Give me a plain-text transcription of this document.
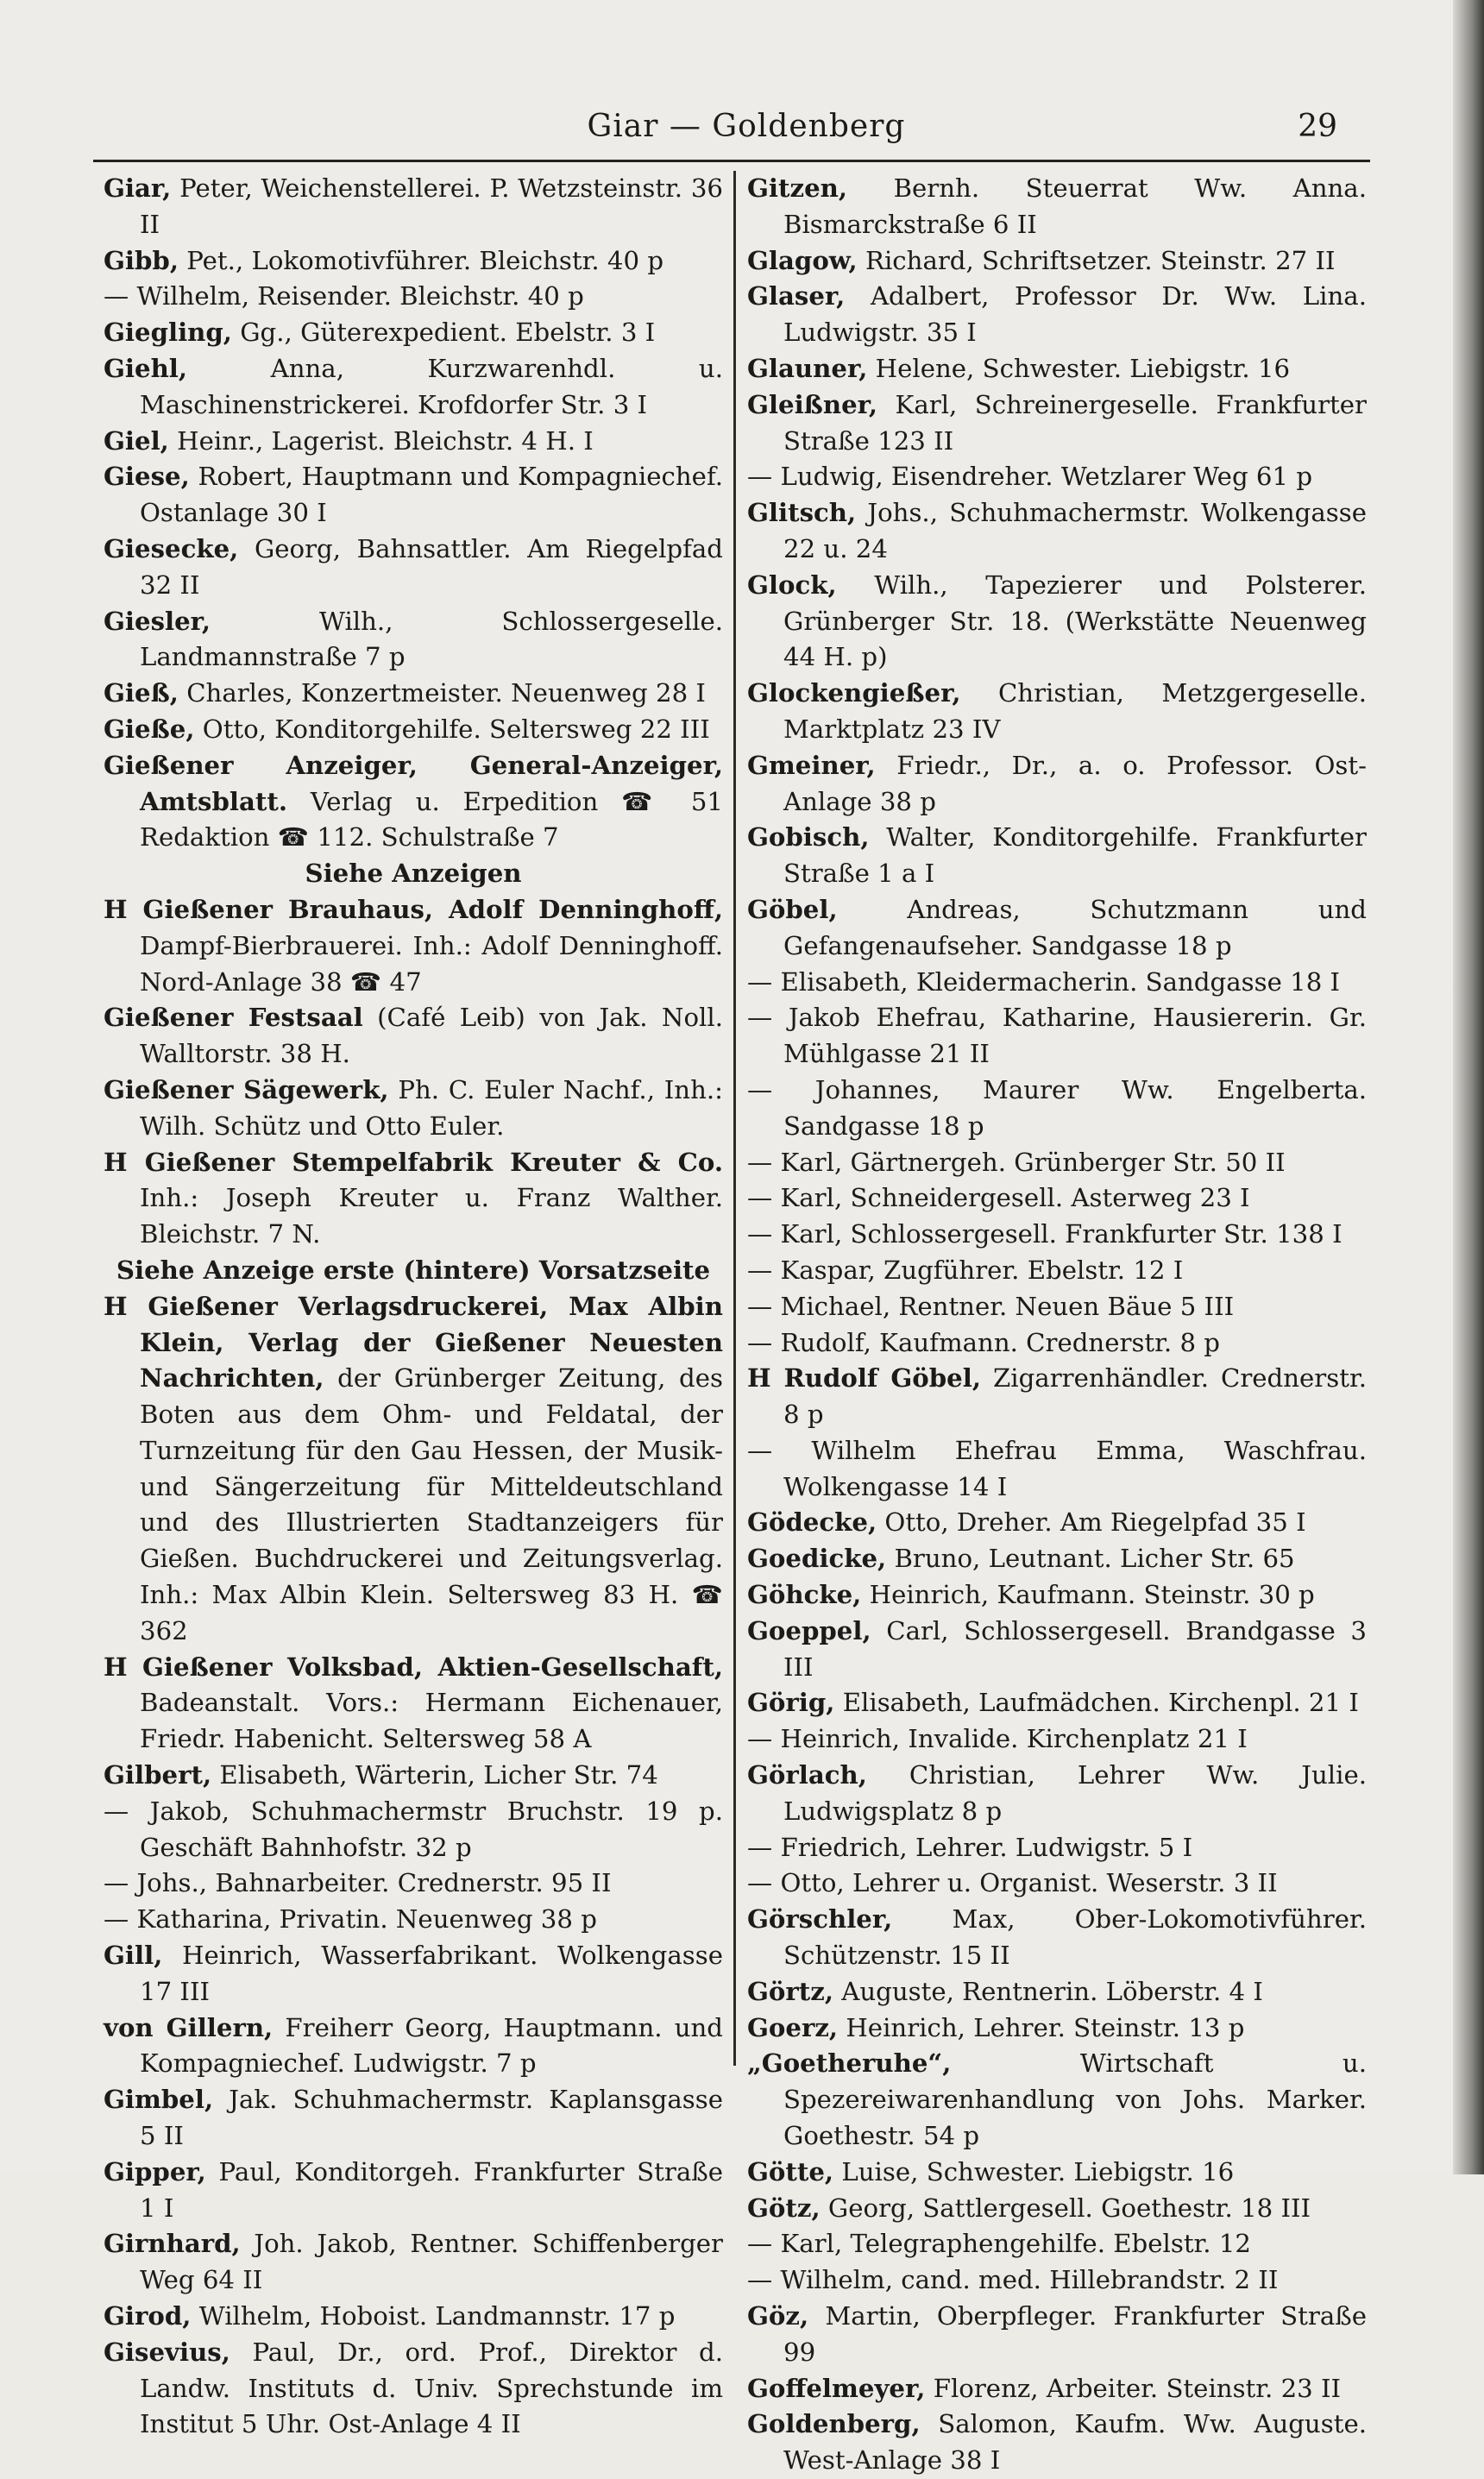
Giar — Goldenberg	29
Giar, Peter, Weichenstellerei. P. Wetzsteinstr. 36 II
Gibb, Pet., Lokomotivführer. Bleichstr. 40 p
— Wilhelm, Reisender. Bleichstr. 40 p
Giegling, Gg., Güterexpedient. Ebelstr. 3 I
Giehl, Anna, Kurzwarenhdl. u. Maschinenstrickerei. Krofdorfer Str. 3 I
Giel, Heinr., Lagerist. Bleichstr. 4 H. I
Giese, Robert, Hauptmann und Kompagniechef. Ostanlage 30 I
Giesecke, Georg, Bahnsattler. Am Riegelpfad 32 II
Giesler, Wilh., Schlossergeselle. Landmannstraße 7 p
Gieß, Charles, Konzertmeister. Neuenweg 28 I
Gieße, Otto, Konditorgehilfe. Seltersweg 22 III
Gießener Anzeiger, General-Anzeiger, Amtsblatt. Verlag u. Erpedition ☎ 51 Redaktion ☎ 112. Schulstraße 7
Siehe Anzeigen
H Gießener Brauhaus, Adolf Denninghoff, Dampf-Bierbrauerei. Inh.: Adolf Denninghoff. Nord-Anlage 38 ☎ 47
Gießener Festsaal (Café Leib) von Jak. Noll. Walltorstr. 38 H.
Gießener Sägewerk, Ph. C. Euler Nachf., Inh.: Wilh. Schütz und Otto Euler.
H Gießener Stempelfabrik Kreuter & Co. Inh.: Joseph Kreuter u. Franz Walther. Bleichstr. 7 N.
Siehe Anzeige erste (hintere) Vorsatzseite
H Gießener Verlagsdruckerei, Max Albin Klein, Verlag der Gießener Neuesten Nachrichten, der Grünberger Zeitung, des Boten aus dem Ohm- und Feldatal, der Turnzeitung für den Gau Hessen, der Musik- und Sängerzeitung für Mitteldeutschland und des Illustrierten Stadtanzeigers für Gießen. Buchdruckerei und Zeitungsverlag. Inh.: Max Albin Klein. Seltersweg 83 H. ☎ 362
H Gießener Volksbad, Aktien-Gesellschaft, Badeanstalt. Vors.: Hermann Eichenauer, Friedr. Habenicht. Seltersweg 58 A
Gilbert, Elisabeth, Wärterin, Licher Str. 74
— Jakob, Schuhmachermstr Bruchstr. 19 p. Geschäft Bahnhofstr. 32 p
— Johs., Bahnarbeiter. Crednerstr. 95 II
— Katharina, Privatin. Neuenweg 38 p
Gill, Heinrich, Wasserfabrikant. Wolkengasse 17 III
von Gillern, Freiherr Georg, Hauptmann. und Kompagniechef. Ludwigstr. 7 p
Gimbel, Jak. Schuhmachermstr. Kaplansgasse 5 II
Gipper, Paul, Konditorgeh. Frankfurter Straße 1 I
Girnhard, Joh. Jakob, Rentner. Schiffenberger Weg 64 II
Girod, Wilhelm, Hoboist. Landmannstr. 17 p
Gisevius, Paul, Dr., ord. Prof., Direktor d. Landw. Instituts d. Univ. Sprechstunde im Institut 5 Uhr. Ost-Anlage 4 II
Gitzen, Bernh. Steuerrat Ww. Anna. Bismarckstraße 6 II
Glagow, Richard, Schriftsetzer. Steinstr. 27 II
Glaser, Adalbert, Professor Dr. Ww. Lina. Ludwigstr. 35 I
Glauner, Helene, Schwester. Liebigstr. 16
Gleißner, Karl, Schreinergeselle. Frankfurter Straße 123 II
— Ludwig, Eisendreher. Wetzlarer Weg 61 p
Glitsch, Johs., Schuhmachermstr. Wolkengasse 22 u. 24
Glock, Wilh., Tapezierer und Polsterer. Grünberger Str. 18. (Werkstätte Neuenweg 44 H. p)
Glockengießer, Christian, Metzgergeselle. Marktplatz 23 IV
Gmeiner, Friedr., Dr., a. o. Professor. Ost-Anlage 38 p
Gobisch, Walter, Konditorgehilfe. Frankfurter Straße 1 a I
Göbel, Andreas, Schutzmann und Gefangenaufseher. Sandgasse 18 p
— Elisabeth, Kleidermacherin. Sandgasse 18 I
— Jakob Ehefrau, Katharine, Hausiererin. Gr. Mühlgasse 21 II
— Johannes, Maurer Ww. Engelberta. Sandgasse 18 p
— Karl, Gärtnergeh. Grünberger Str. 50 II
— Karl, Schneidergesell. Asterweg 23 I
— Karl, Schlossergesell. Frankfurter Str. 138 I
— Kaspar, Zugführer. Ebelstr. 12 I
— Michael, Rentner. Neuen Bäue 5 III
— Rudolf, Kaufmann. Crednerstr. 8 p
H Rudolf Göbel, Zigarrenhändler. Crednerstr. 8 p
— Wilhelm Ehefrau Emma, Waschfrau. Wolkengasse 14 I
Gödecke, Otto, Dreher. Am Riegelpfad 35 I
Goedicke, Bruno, Leutnant. Licher Str. 65
Göhcke, Heinrich, Kaufmann. Steinstr. 30 p
Goeppel, Carl, Schlossergesell. Brandgasse 3 III
Görig, Elisabeth, Laufmädchen. Kirchenpl. 21 I
— Heinrich, Invalide. Kirchenplatz 21 I
Görlach, Christian, Lehrer Ww. Julie. Ludwigsplatz 8 p
— Friedrich, Lehrer. Ludwigstr. 5 I
— Otto, Lehrer u. Organist. Weserstr. 3 II
Görschler, Max, Ober-Lokomotivführer. Schützenstr. 15 II
Görtz, Auguste, Rentnerin. Löberstr. 4 I
Goerz, Heinrich, Lehrer. Steinstr. 13 p
„Goetheruhe“, Wirtschaft u. Spezereiwarenhandlung von Johs. Marker. Goethestr. 54 p
Götte, Luise, Schwester. Liebigstr. 16
Götz, Georg, Sattlergesell. Goethestr. 18 III
— Karl, Telegraphengehilfe. Ebelstr. 12
— Wilhelm, cand. med. Hillebrandstr. 2 II
Göz, Martin, Oberpfleger. Frankfurter Straße 99
Goffelmeyer, Florenz, Arbeiter. Steinstr. 23 II
Goldenberg, Salomon, Kaufm. Ww. Auguste. West-Anlage 38 I
